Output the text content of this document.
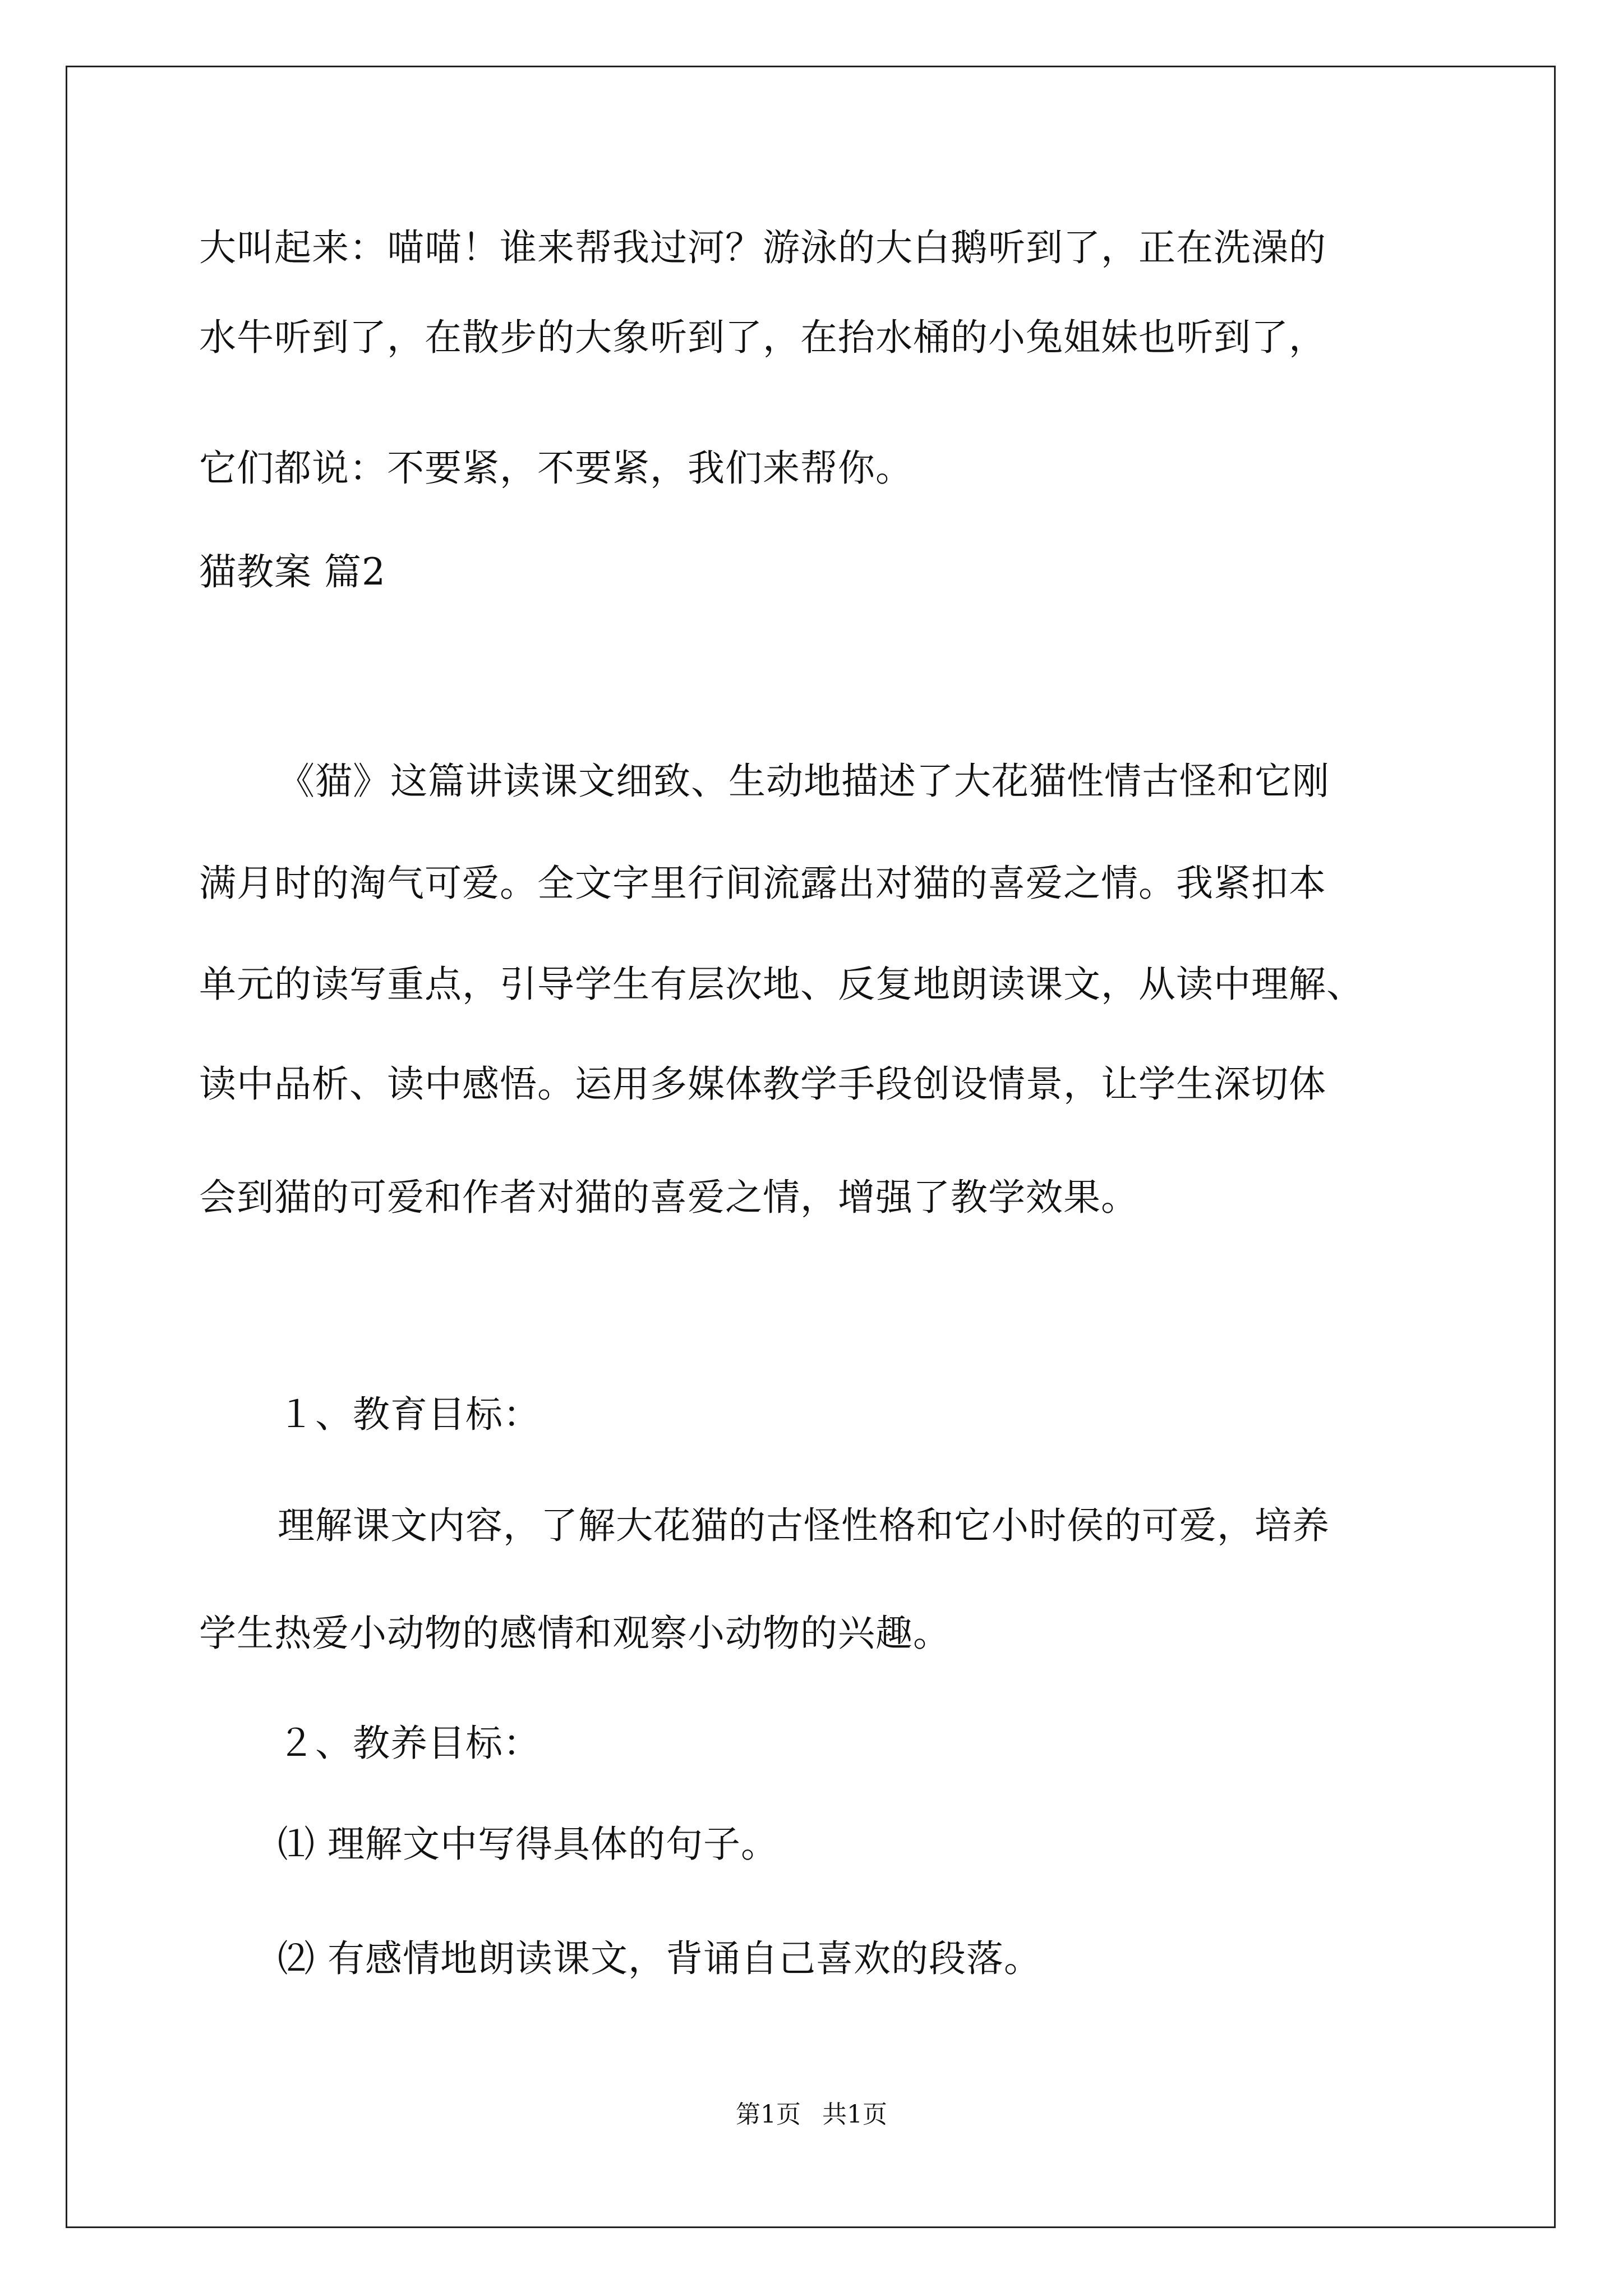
大叫起来：喵喵！谁来帮我过河？游泳的大白鹅听到了，正在洗澡的
水牛听到了，在散步的大象听到了，在抬水桶的小兔姐妹也听到了，
它们都说：不要紧，不要紧，我们来帮你。
猫教案 篇2
《猫》这篇讲读课文细致、生动地描述了大花猫性情古怪和它刚
满月时的淘气可爱。全文字里行间流露出对猫的喜爱之情。我紧扣本
单元的读写重点，引导学生有层次地、反复地朗读课文，从读中理解、
读中品析、读中感悟。运用多媒体教学手段创设情景，让学生深切体
会到猫的可爱和作者对猫的喜爱之情，增强了教学效果。
１、教育目标：
理解课文内容，了解大花猫的古怪性格和它小时侯的可爱，培养
学生热爱小动物的感情和观察小动物的兴趣。
２、教养目标：
⑴ 理解文中写得具体的句子。
⑵ 有感情地朗读课文，背诵自己喜欢的段落。
第1页 共1页
